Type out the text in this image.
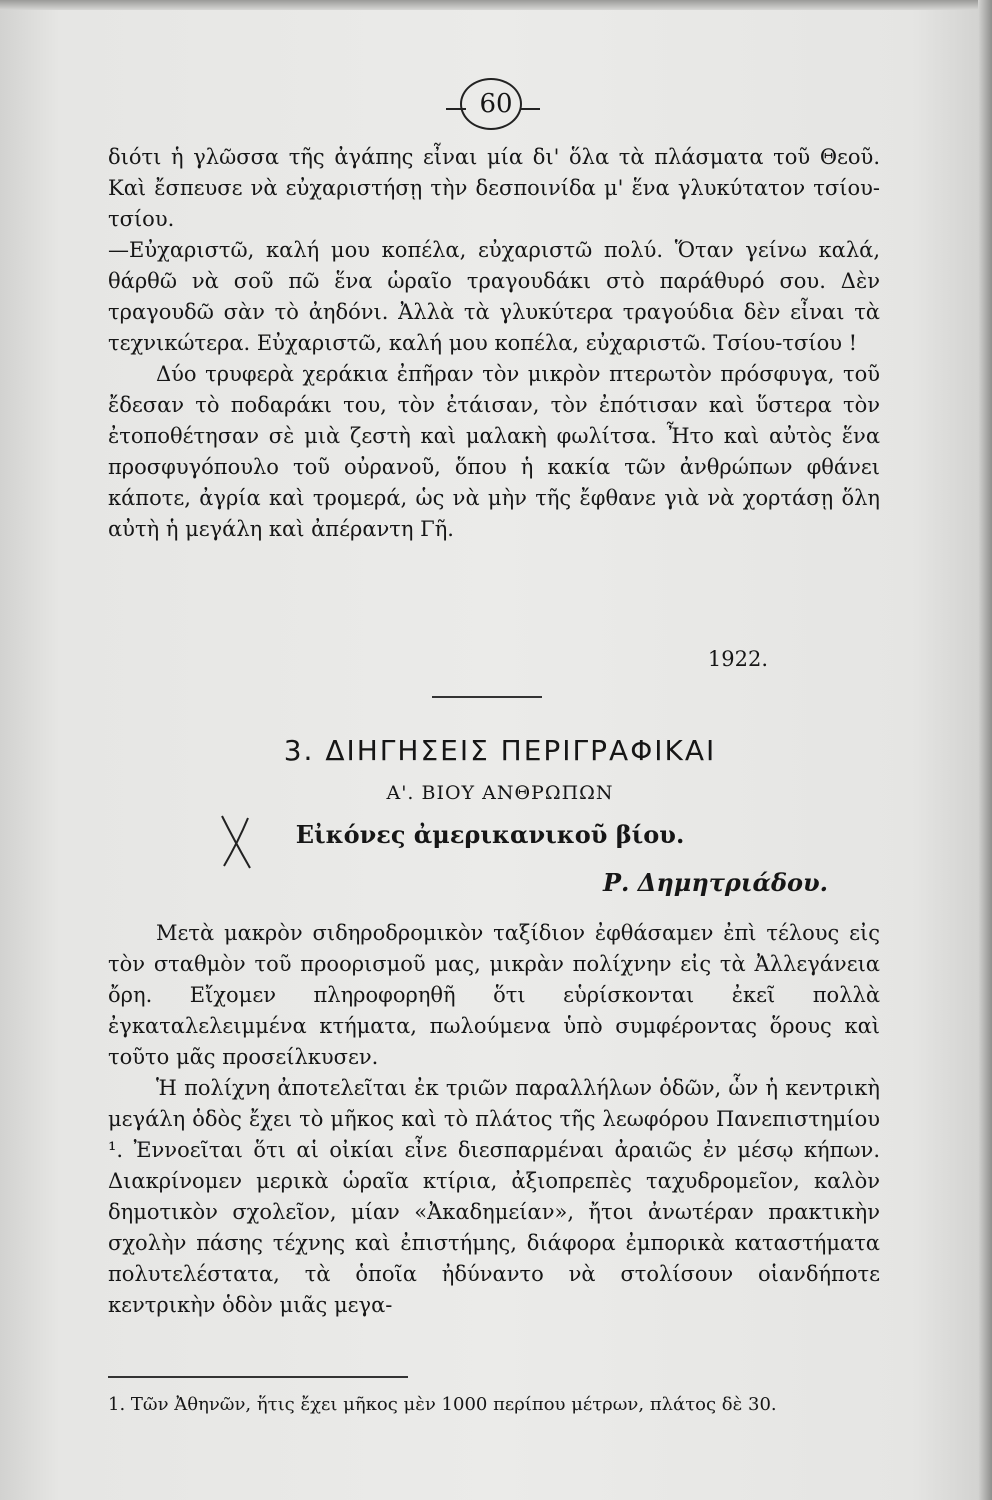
60

διότι ἡ γλῶσσα τῆς ἀγάπης εἶναι μία δι' ὅλα τὰ πλάσματα τοῦ Θεοῦ. Καὶ ἔσπευσε νὰ εὐχαριστήσῃ τὴν δεσποινίδα μ' ἕνα γλυκύτατον τσίου-τσίου.

—Εὐχαριστῶ, καλή μου κοπέλα, εὐχαριστῶ πολύ. Ὅταν γείνω καλά, θάρθῶ νὰ σοῦ πῶ ἕνα ὡραῖο τραγουδάκι στὸ παράθυρό σου. Δὲν τραγουδῶ σὰν τὸ ἀηδόνι. Ἀλλὰ τὰ γλυκύτερα τραγούδια δὲν εἶναι τὰ τεχνικώτερα. Εὐχαριστῶ, καλή μου κοπέλα, εὐχαριστῶ. Τσίου-τσίου !

Δύο τρυφερὰ χεράκια ἐπῆραν τὸν μικρὸν πτερωτὸν πρόσφυγα, τοῦ ἔδεσαν τὸ ποδαράκι του, τὸν ἐτάισαν, τὸν ἐπότισαν καὶ ὕστερα τὸν ἐτοποθέτησαν σὲ μιὰ ζεστὴ καὶ μαλακὴ φωλίτσα. Ἦτο καὶ αὐτὸς ἕνα προσφυγόπουλο τοῦ οὐρανοῦ, ὅπου ἡ κακία τῶν ἀνθρώπων φθάνει κάποτε, ἀγρία καὶ τρομερά, ὡς νὰ μὴν τῆς ἔφθανε γιὰ νὰ χορτάσῃ ὅλη αὐτὴ ἡ μεγάλη καὶ ἀπέραντη Γῆ.

1922.
3. ΔΙΗΓΗΣΕΙΣ ΠΕΡΙΓΡΑΦΙΚΑΙ
Α'. ΒΙΟΥ ΑΝΘΡΩΠΩΝ
Εἰκόνες ἀμερικανικοῦ βίου.
Ρ. Δημητριάδου.

Μετὰ μακρὸν σιδηροδρομικὸν ταξίδιον ἐφθάσαμεν ἐπὶ τέλους εἰς τὸν σταθμὸν τοῦ προορισμοῦ μας, μικρὰν πολίχνην εἰς τὰ Ἀλλεγάνεια ὄρη. Εἴχομεν πληροφορηθῆ ὅτι εὑρίσκονται ἐκεῖ πολλὰ ἐγκαταλελειμμένα κτήματα, πωλούμενα ὑπὸ συμφέροντας ὅρους καὶ τοῦτο μᾶς προσείλκυσεν.

Ἡ πολίχνη ἀποτελεῖται ἐκ τριῶν παραλλήλων ὁδῶν, ὧν ἡ κεντρικὴ μεγάλη ὁδὸς ἔχει τὸ μῆκος καὶ τὸ πλάτος τῆς λεωφόρου Πανεπιστημίου ¹. Ἐννοεῖται ὅτι αἱ οἰκίαι εἶνε διεσπαρμέναι ἀραιῶς ἐν μέσῳ κήπων. Διακρίνομεν μερικὰ ὡραῖα κτίρια, ἀξιοπρεπὲς ταχυδρομεῖον, καλὸν δημοτικὸν σχολεῖον, μίαν «Ἀκαδημείαν», ἤτοι ἀνωτέραν πρακτικὴν σχολὴν πάσης τέχνης καὶ ἐπιστήμης, διάφορα ἐμπορικὰ καταστήματα πολυτελέστατα, τὰ ὁποῖα ἠδύναντο νὰ στολίσουν οἱανδήποτε κεντρικὴν ὁδὸν μιᾶς μεγα-

1. Τῶν Ἀθηνῶν, ἥτις ἔχει μῆκος μὲν 1000 περίπου μέτρων, πλάτος δὲ 30.
